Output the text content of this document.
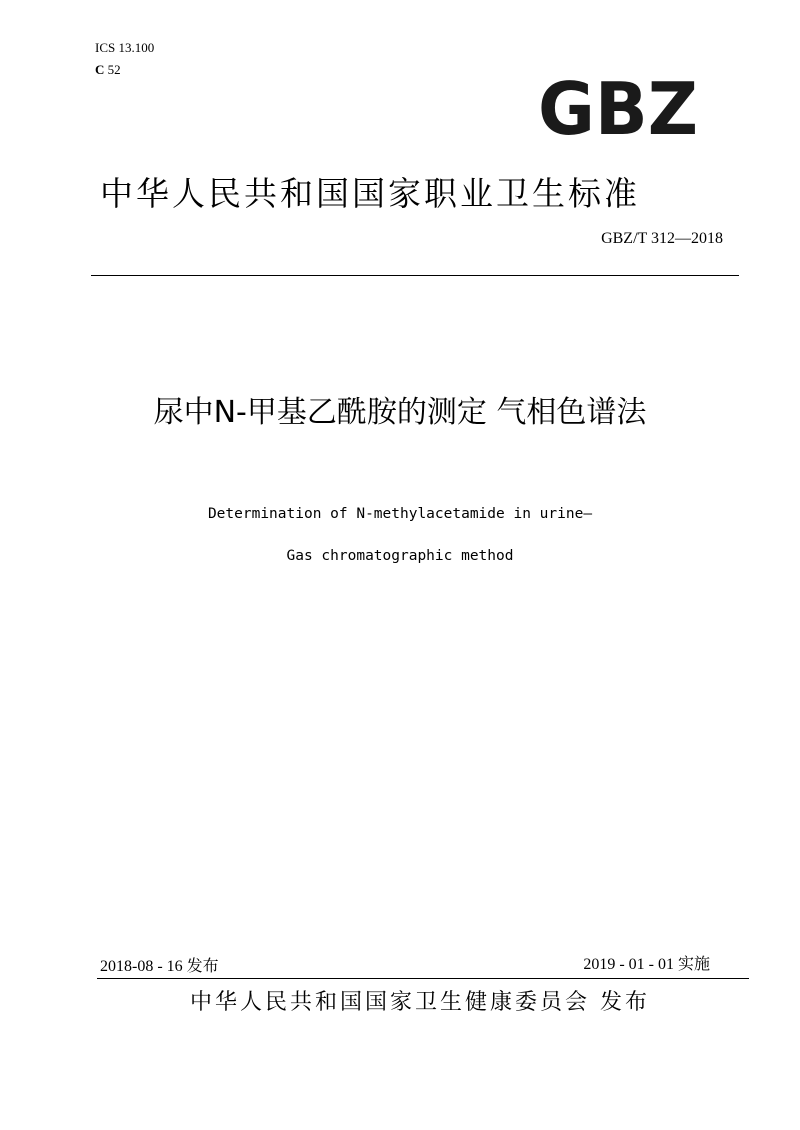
ICS 13.100
C 52	GBZ
中华人民共和国国家职业卫生标准
GBZ/T 312—2018
尿中N-甲基乙酰胺的测定 气相色谱法
Determination of N-methylacetamide in urine—
Gas chromatographic method
2018-08 - 16 发布	2019 - 01 - 01 实施
中华人民共和国国家卫生健康委员会 发布
